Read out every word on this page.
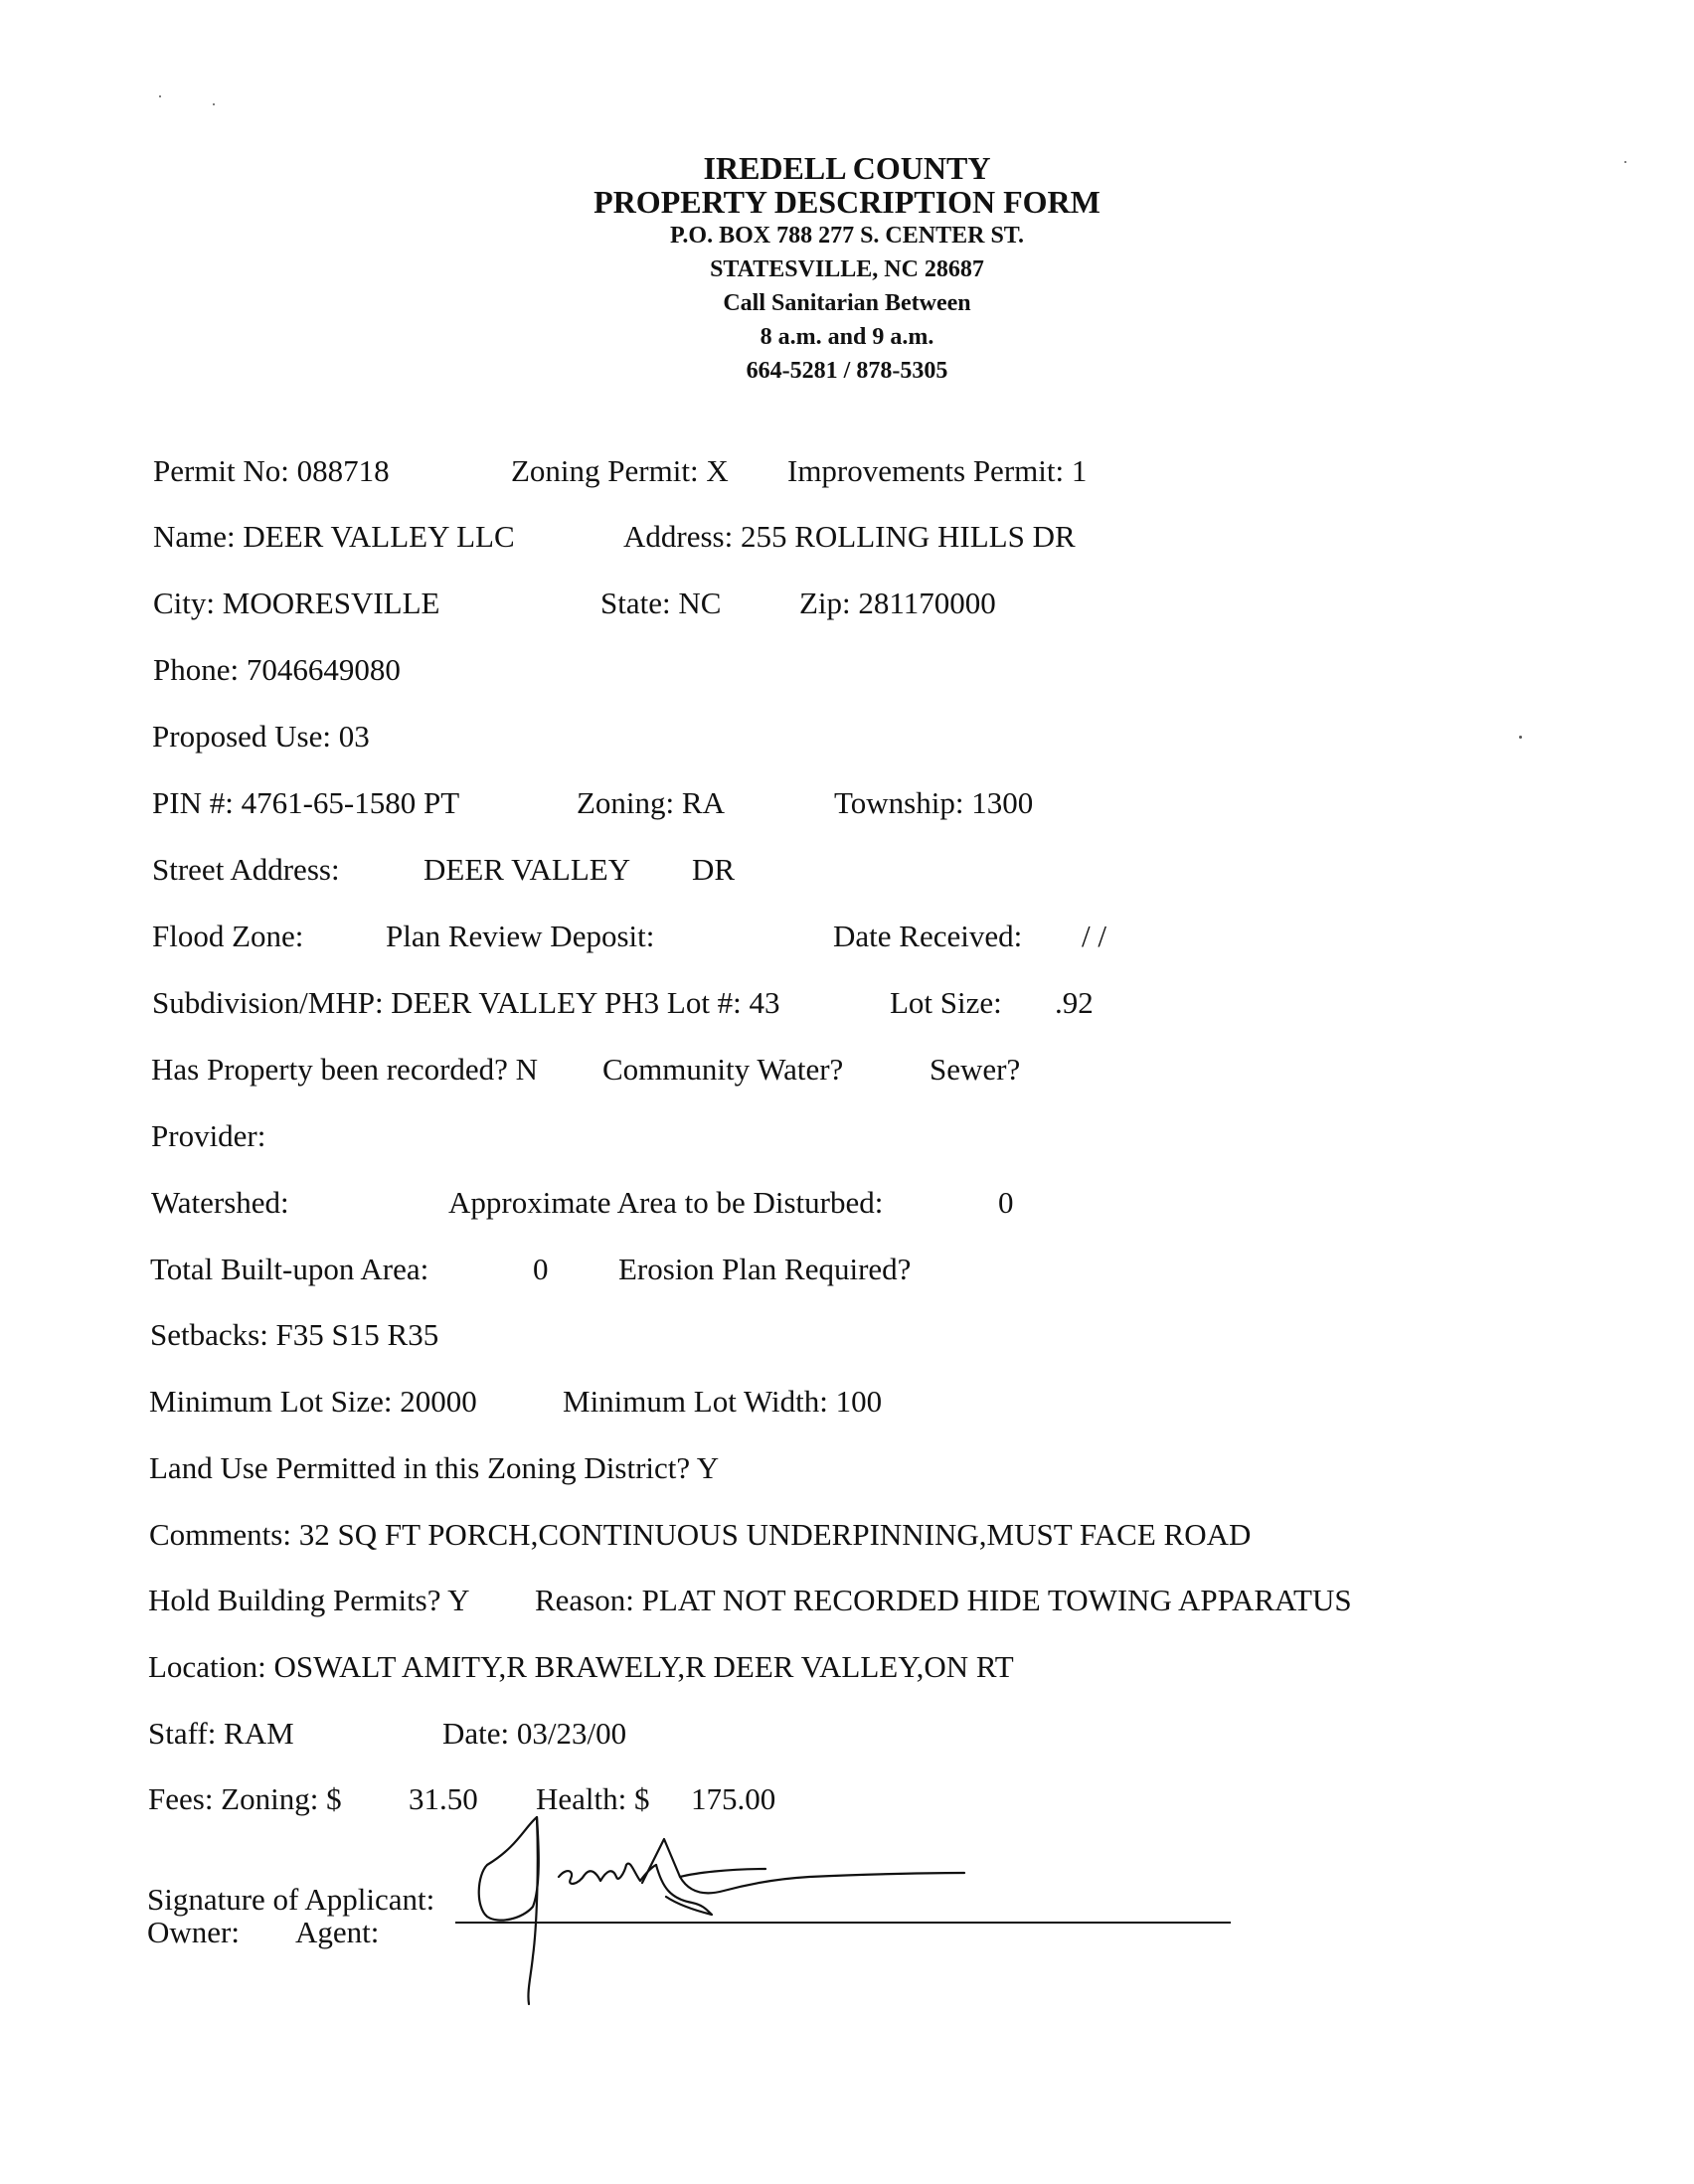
IREDELL COUNTY
PROPERTY DESCRIPTION FORM
P.O. BOX 788 277 S. CENTER ST.
STATESVILLE, NC 28687
Call Sanitarian Between
8 a.m. and 9 a.m.
664-5281 / 878-5305
Permit No: 088718	Zoning Permit: X Improvements Permit: 1
Name: DEER VALLEY LLC	Address: 255 ROLLING HILLS DR
City: MOORESVILLE	State: NC	Zip: 281170000
Phone: 7046649080
Proposed Use: 03
PIN #: 4761-65-1580 PT	Zoning: RA	Township: 1300
Street Address:	DEER VALLEY DR
Flood Zone:	Plan Review Deposit:	Date Received: / /
Subdivision/MHP: DEER VALLEY PH3 Lot #: 43	Lot Size: .92
Has Property been recorded? N Community Water?	Sewer?
Provider:
Watershed:	Approximate Area to be Disturbed:	0
Total Built-upon Area:	0 Erosion Plan Required?
Setbacks: F35 S15 R35
Minimum Lot Size: 20000	Minimum Lot Width: 100
Land Use Permitted in this Zoning District? Y
Comments: 32 SQ FT PORCH,CONTINUOUS UNDERPINNING,MUST FACE ROAD
Hold Building Permits? Y Reason: PLAT NOT RECORDED HIDE TOWING APPARATUS
Location: OSWALT AMITY,R BRAWELY,R DEER VALLEY,ON RT
Staff: RAM	Date: 03/23/00
Fees: Zoning: $ 31.50 Health: $ 175.00
Signature of Applicant:
Owner: Agent:
